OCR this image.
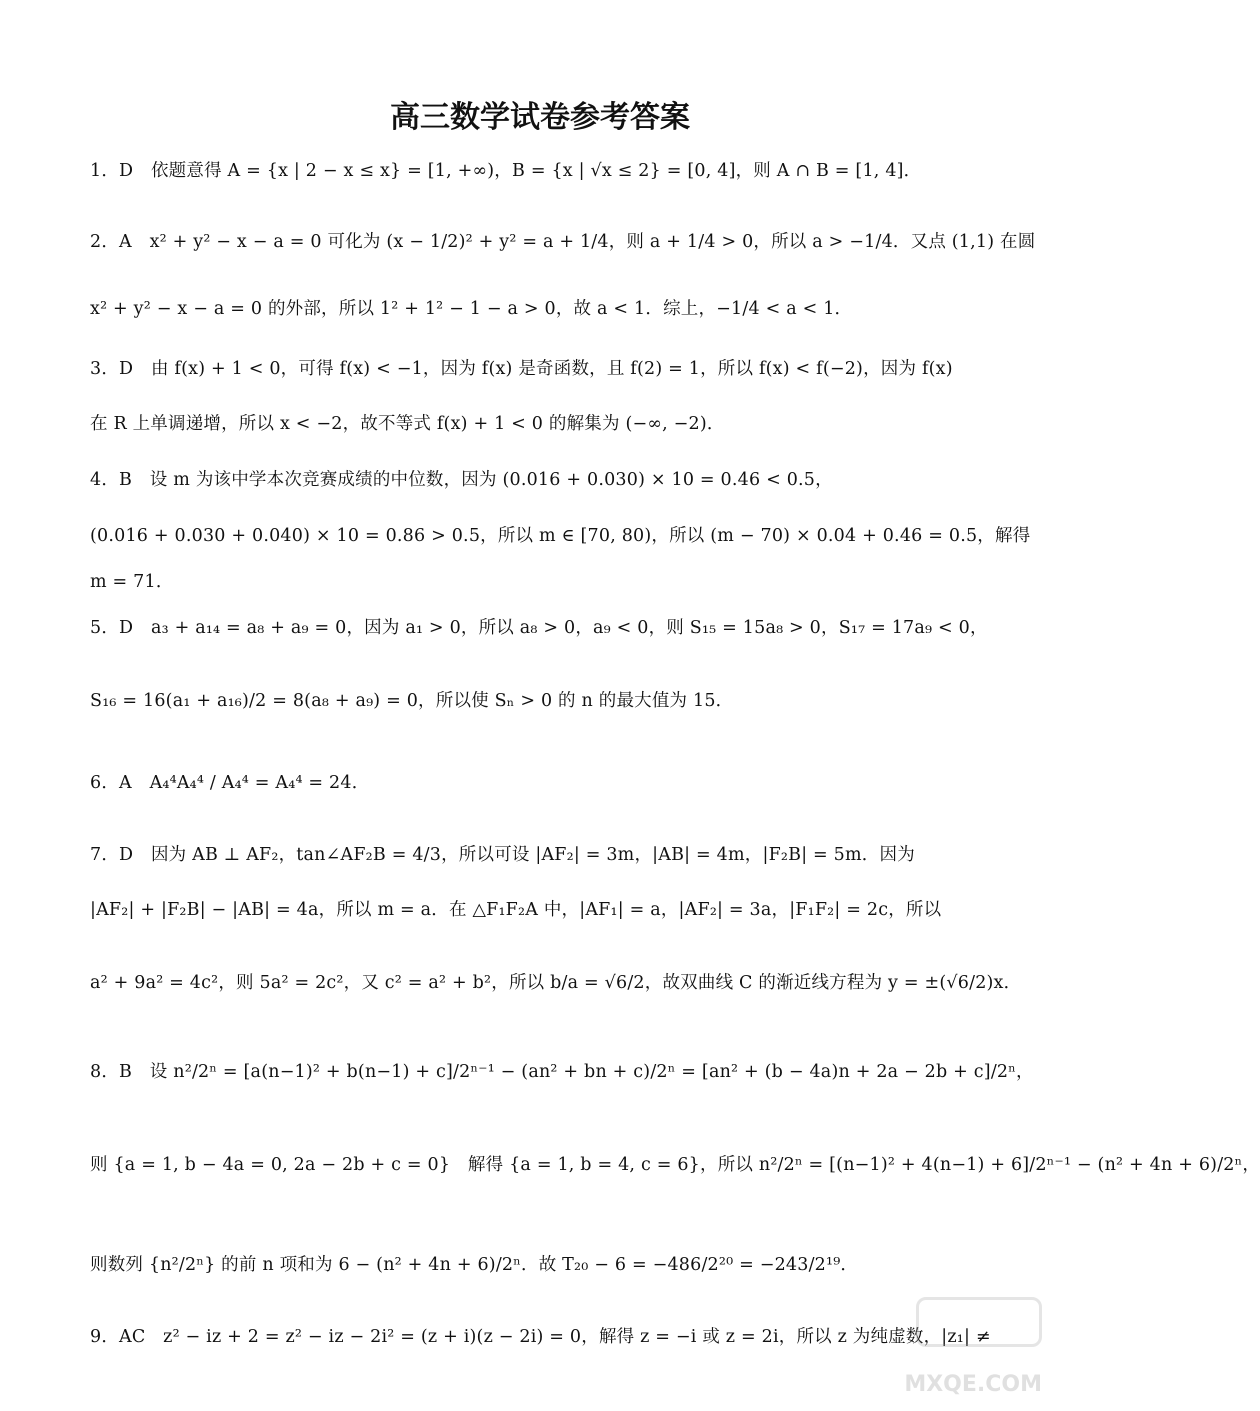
高三数学试卷参考答案
1．D　依题意得 A = {x | 2 − x ≤ x} = [1, +∞)，B = {x | √x ≤ 2} = [0, 4]，则 A ∩ B = [1, 4]．
2．A　x² + y² − x − a = 0 可化为 (x − 1/2)² + y² = a + 1/4，则 a + 1/4 > 0，所以 a > −1/4．又点 (1,1) 在圆
x² + y² − x − a = 0 的外部，所以 1² + 1² − 1 − a > 0，故 a < 1．综上，−1/4 < a < 1．
3．D　由 f(x) + 1 < 0，可得 f(x) < −1，因为 f(x) 是奇函数，且 f(2) = 1，所以 f(x) < f(−2)，因为 f(x)
在 R 上单调递增，所以 x < −2，故不等式 f(x) + 1 < 0 的解集为 (−∞, −2)．
4．B　设 m 为该中学本次竞赛成绩的中位数，因为 (0.016 + 0.030) × 10 = 0.46 < 0.5，
(0.016 + 0.030 + 0.040) × 10 = 0.86 > 0.5，所以 m ∈ [70, 80)，所以 (m − 70) × 0.04 + 0.46 = 0.5，解得
m = 71．
5．D　a₃ + a₁₄ = a₈ + a₉ = 0，因为 a₁ > 0，所以 a₈ > 0，a₉ < 0，则 S₁₅ = 15a₈ > 0，S₁₇ = 17a₉ < 0，
S₁₆ = 16(a₁ + a₁₆)/2 = 8(a₈ + a₉) = 0，所以使 Sₙ > 0 的 n 的最大值为 15．
6．A　A₄⁴A₄⁴ / A₄⁴ = A₄⁴ = 24．
7．D　因为 AB ⊥ AF₂，tan∠AF₂B = 4/3，所以可设 |AF₂| = 3m，|AB| = 4m，|F₂B| = 5m．因为
|AF₂| + |F₂B| − |AB| = 4a，所以 m = a．在 △F₁F₂A 中，|AF₁| = a，|AF₂| = 3a，|F₁F₂| = 2c，所以
a² + 9a² = 4c²，则 5a² = 2c²，又 c² = a² + b²，所以 b/a = √6/2，故双曲线 C 的渐近线方程为 y = ±(√6/2)x．
8．B　设 n²/2ⁿ = [a(n−1)² + b(n−1) + c]/2ⁿ⁻¹ − (an² + bn + c)/2ⁿ = [an² + (b − 4a)n + 2a − 2b + c]/2ⁿ，
则 {a = 1, b − 4a = 0, 2a − 2b + c = 0}　解得 {a = 1, b = 4, c = 6}，所以 n²/2ⁿ = [(n−1)² + 4(n−1) + 6]/2ⁿ⁻¹ − (n² + 4n + 6)/2ⁿ，
则数列 {n²/2ⁿ} 的前 n 项和为 6 − (n² + 4n + 6)/2ⁿ．故 T₂₀ − 6 = −486/2²⁰ = −243/2¹⁹．
9．AC　z² − iz + 2 = z² − iz − 2i² = (z + i)(z − 2i) = 0，解得 z = −i 或 z = 2i，所以 z 为纯虚数，|z₁| ≠
MXQE.COM
